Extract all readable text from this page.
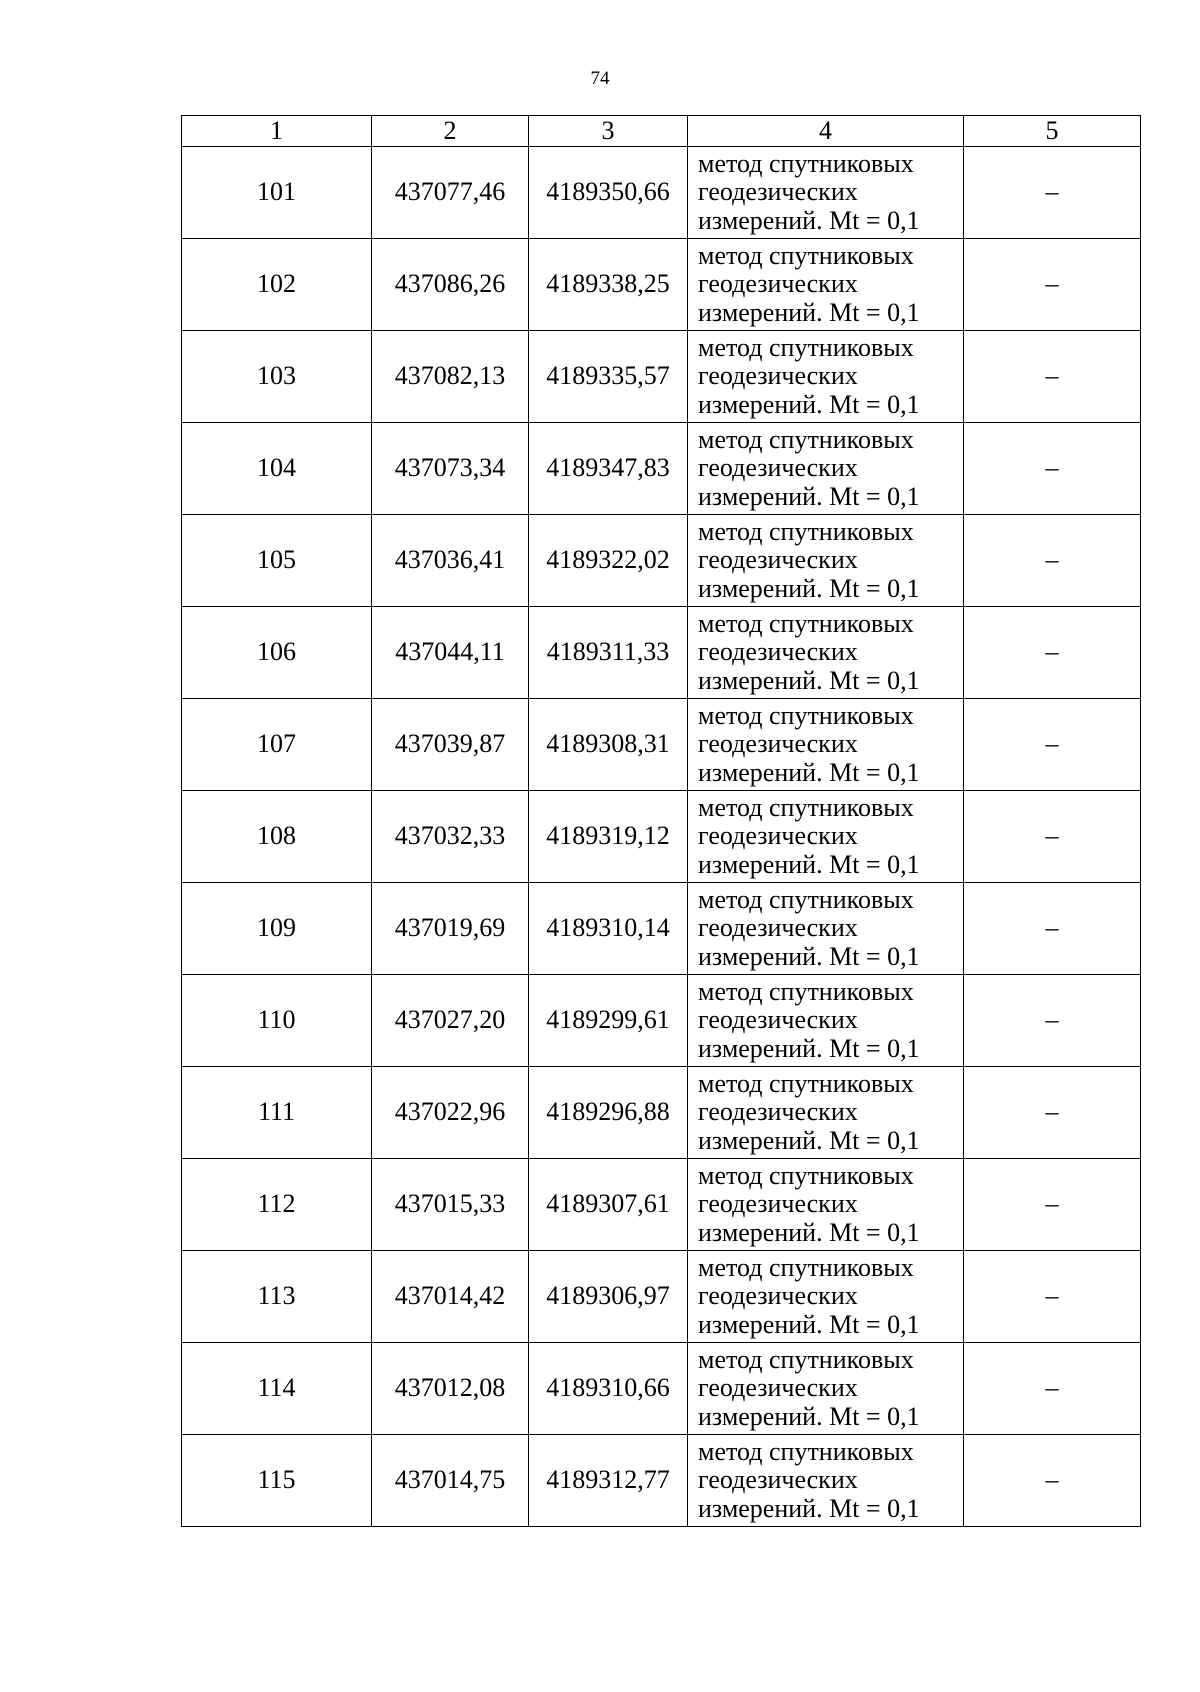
74
1	2	3	4	5
101	437077,46	4189350,66	метод спутниковых
геодезических
измерений. Mt = 0,1	–
102	437086,26	4189338,25	метод спутниковых
геодезических
измерений. Mt = 0,1	–
103	437082,13	4189335,57	метод спутниковых
геодезических
измерений. Mt = 0,1	–
104	437073,34	4189347,83	метод спутниковых
геодезических
измерений. Mt = 0,1	–
105	437036,41	4189322,02	метод спутниковых
геодезических
измерений. Mt = 0,1	–
106	437044,11	4189311,33	метод спутниковых
геодезических
измерений. Mt = 0,1	–
107	437039,87	4189308,31	метод спутниковых
геодезических
измерений. Mt = 0,1	–
108	437032,33	4189319,12	метод спутниковых
геодезических
измерений. Mt = 0,1	–
109	437019,69	4189310,14	метод спутниковых
геодезических
измерений. Mt = 0,1	–
110	437027,20	4189299,61	метод спутниковых
геодезических
измерений. Mt = 0,1	–
111	437022,96	4189296,88	метод спутниковых
геодезических
измерений. Mt = 0,1	–
112	437015,33	4189307,61	метод спутниковых
геодезических
измерений. Mt = 0,1	–
113	437014,42	4189306,97	метод спутниковых
геодезических
измерений. Mt = 0,1	–
114	437012,08	4189310,66	метод спутниковых
геодезических
измерений. Mt = 0,1	–
115	437014,75	4189312,77	метод спутниковых
геодезических
измерений. Mt = 0,1	–
